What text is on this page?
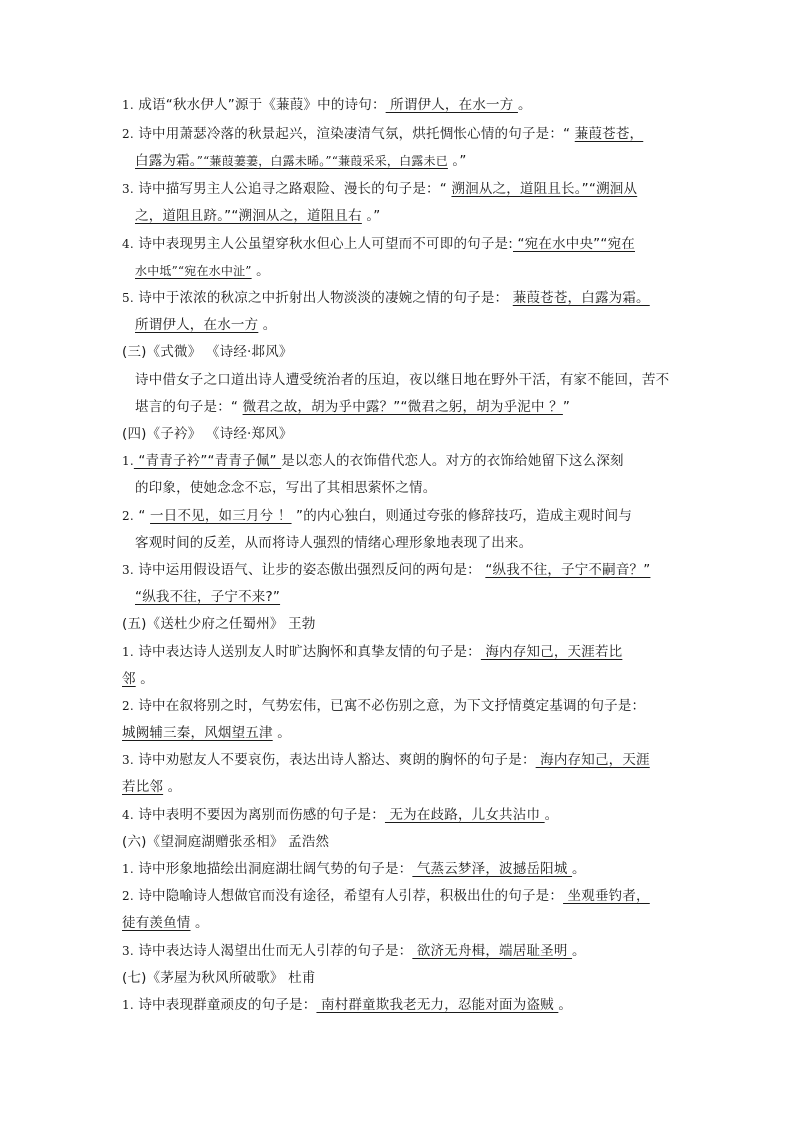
1. 成语“秋水伊人”源于《蒹葭》中的诗句： 所谓伊人，在水一方 。
2. 诗中用萧瑟冷落的秋景起兴，渲染凄清气氛，烘托惆怅心情的句子是：“ 蒹葭苍苍，
白露为霜。”“蒹葭萋萋，白露未晞。”“蒹葭采采，白露未已 。”
3. 诗中描写男主人公追寻之路艰险、漫长的句子是：“ 溯洄从之，道阻且长。”“溯洄从
之，道阻且跻。”“溯洄从之，道阻且右 。”
4. 诗中表现男主人公虽望穿秋水但心上人可望而不可即的句子是: “宛在水中央”“宛在
水中坻”“宛在水中沚” 。
5. 诗中于浓浓的秋凉之中折射出人物淡淡的凄婉之情的句子是： 蒹葭苍苍，白露为霜。
所谓伊人，在水一方 。
(三)《式微》 《诗经·邶风》
诗中借女子之口道出诗人遭受统治者的压迫，夜以继日地在野外干活，有家不能回，苦不
堪言的句子是：“ 微君之故，胡为乎中露？”“微君之躬，胡为乎泥中 ？”
(四)《子衿》 《诗经·郑风》
1. “青青子衿”“青青子佩” 是以恋人的衣饰借代恋人。对方的衣饰给她留下这么深刻
的印象，使她念念不忘，写出了其相思萦怀之情。
2. “ 一日不见，如三月兮 ！ ”的内心独白，则通过夸张的修辞技巧，造成主观时间与
客观时间的反差，从而将诗人强烈的情绪心理形象地表现了出来。
3. 诗中运用假设语气、让步的姿态傲出强烈反问的两句是： “纵我不往，子宁不嗣音？”
“纵我不往，子宁不来?”
(五)《送杜少府之任蜀州》 王勃
1. 诗中表达诗人送别友人时旷达胸怀和真挚友情的句子是： 海内存知己，天涯若比
邻 。
2. 诗中在叙将别之时，气势宏伟，已寓不必伤别之意，为下文抒情奠定基调的句子是：
城阙辅三秦，风烟望五津 。
3. 诗中劝慰友人不要哀伤，表达出诗人豁达、爽朗的胸怀的句子是： 海内存知己，天涯
若比邻 。
4. 诗中表明不要因为离别而伤感的句子是： 无为在歧路，儿女共沾巾 。
(六)《望洞庭湖赠张丞相》 孟浩然
1. 诗中形象地描绘出洞庭湖壮阔气势的句子是： 气蒸云梦泽，波撼岳阳城 。
2. 诗中隐喻诗人想做官而没有途径，希望有人引荐，积极出仕的句子是： 坐观垂钓者，
徒有羡鱼情 。
3. 诗中表达诗人渴望出仕而无人引荐的句子是： 欲济无舟楫，端居耻圣明 。
(七)《茅屋为秋风所破歌》 杜甫
1. 诗中表现群童顽皮的句子是： 南村群童欺我老无力，忍能对面为盗贼 。
